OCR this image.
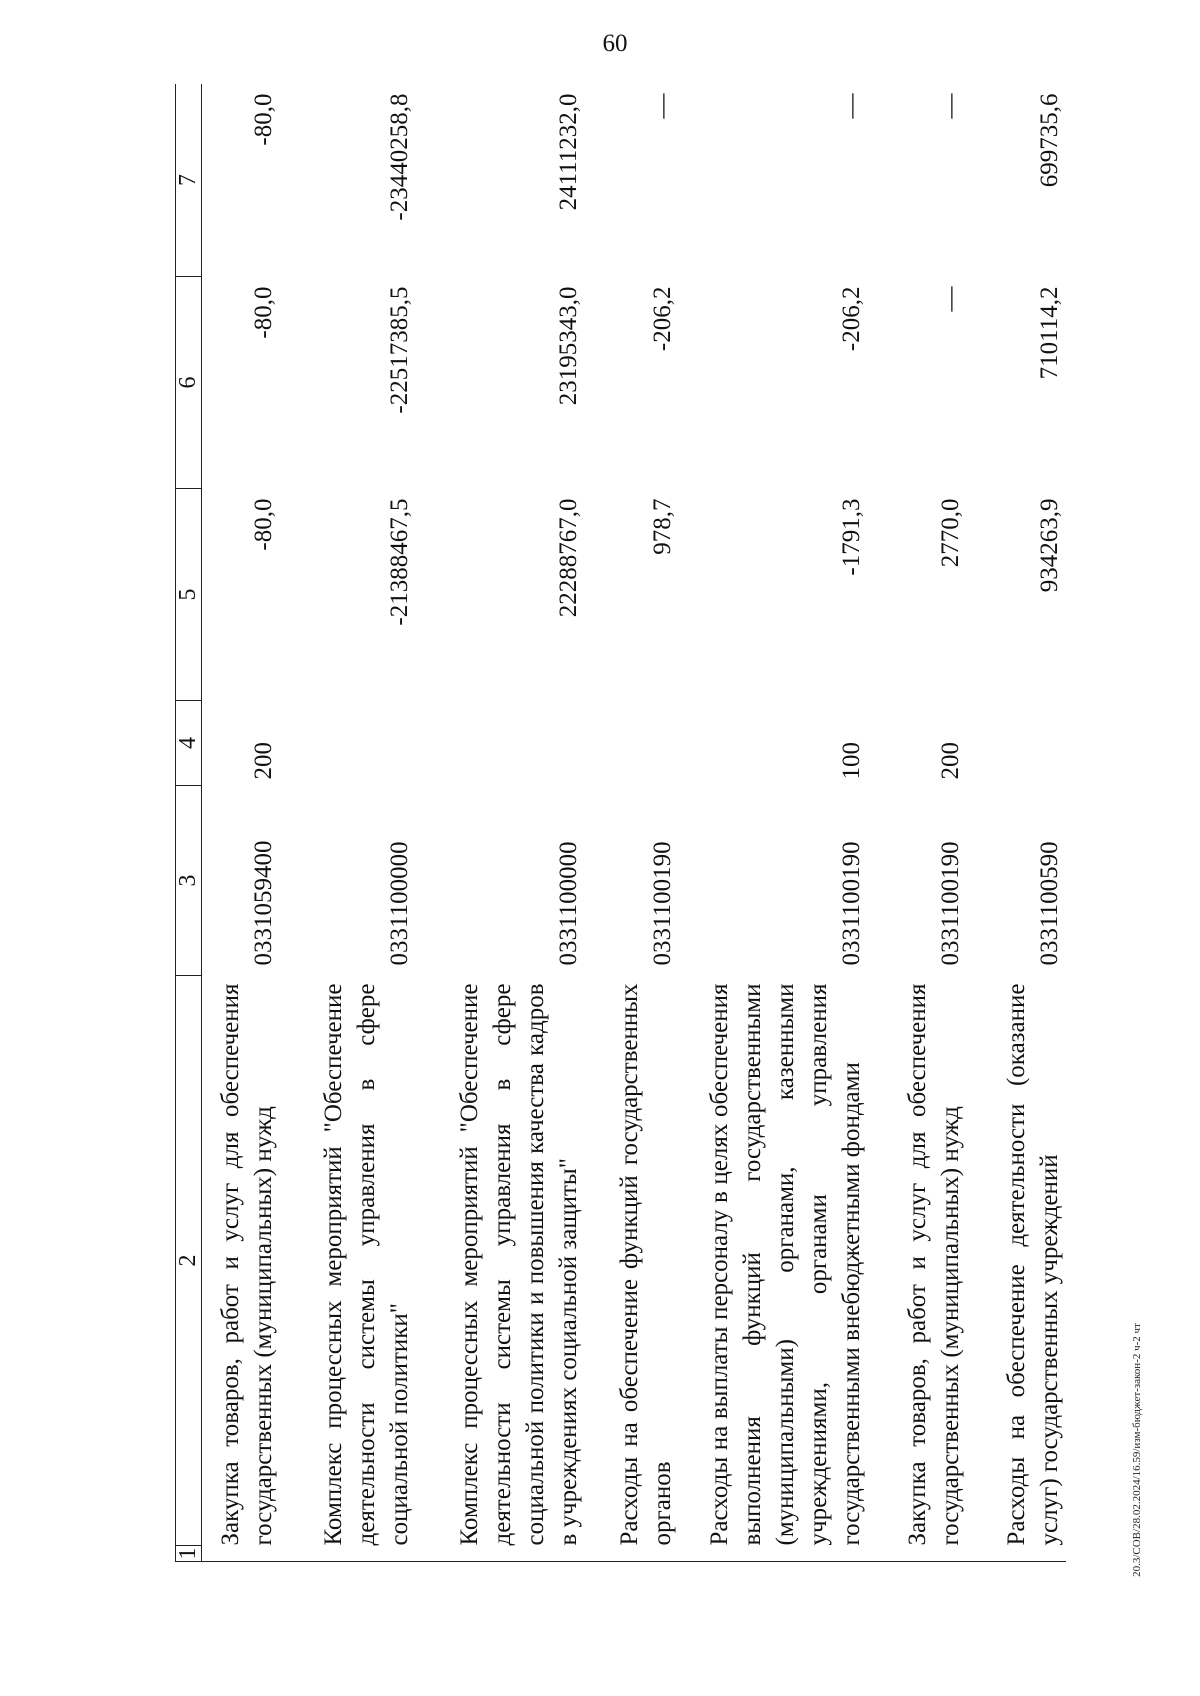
60
1	2	3	4	5	6	7
	Закупка товаров, работ и услуг для обеспечения государственных (муниципальных) нужд	0331059400	200	-80,0	-80,0	-80,0
	Комплекс процессных мероприятий "Обеспечение деятельности системы управления в сфере социальной политики"	0331100000		-21388467,5	-22517385,5	-23440258,8
	Комплекс процессных мероприятий "Обеспечение деятельности системы управления в сфере социальной политики и повышения качества кадров в учреждениях социальной защиты"	0331100000		22288767,0	23195343,0	24111232,0
	Расходы на обеспечение функций государственных органов	0331100190		978,7	-206,2	—
	Расходы на выплаты персоналу в целях обеспечения выполнения функций государственными (муниципальными) органами, казенными учреждениями, органами управления государственными внебюджетными фондами	0331100190	100	-1791,3	-206,2	—
	Закупка товаров, работ и услуг для обеспечения государственных (муниципальных) нужд	0331100190	200	2770,0	—	—
	Расходы на обеспечение деятельности (оказание услуг) государственных учреждений	0331100590		934263,9	710114,2	699735,6
20.3/СОВ/28.02.2024/16.59/изм-бюджет-закон-2 ч-2 чт
